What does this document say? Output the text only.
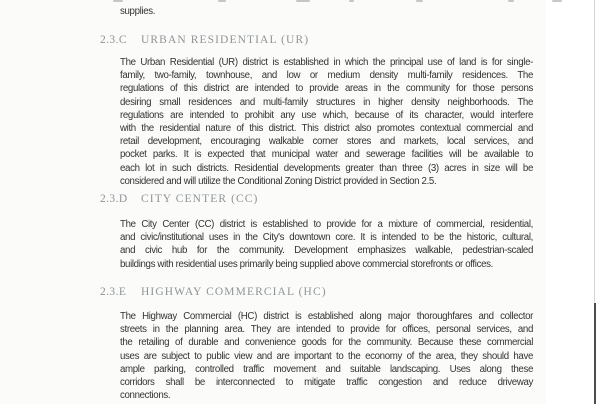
supplies.
2.3.C URBAN RESIDENTIAL (UR)
The Urban Residential (UR) district is established in which the principal use of land is for single-
family, two-family, townhouse, and low or medium density multi-family residences. The
regulations of this district are intended to provide areas in the community for those persons
desiring small residences and multi-family structures in higher density neighborhoods. The
regulations are intended to prohibit any use which, because of its character, would interfere
with the residential nature of this district. This district also promotes contextual commercial and
retail development, encouraging walkable corner stores and markets, local services, and
pocket parks. It is expected that municipal water and sewerage facilities will be available to
each lot in such districts. Residential developments greater than three (3) acres in size will be
considered and will utilize the Conditional Zoning District provided in Section 2.5.
2.3.D CITY CENTER (CC)
The City Center (CC) district is established to provide for a mixture of commercial, residential,
and civic/institutional uses in the City's downtown core. It is intended to be the historic, cultural,
and civic hub for the community. Development emphasizes walkable, pedestrian-scaled
buildings with residential uses primarily being supplied above commercial storefronts or offices.
2.3.E HIGHWAY COMMERCIAL (HC)
The Highway Commercial (HC) district is established along major thoroughfares and collector
streets in the planning area. They are intended to provide for offices, personal services, and
the retailing of durable and convenience goods for the community. Because these commercial
uses are subject to public view and are important to the economy of the area, they should have
ample parking, controlled traffic movement and suitable landscaping. Uses along these
corridors shall be interconnected to mitigate traffic congestion and reduce driveway
connections.
